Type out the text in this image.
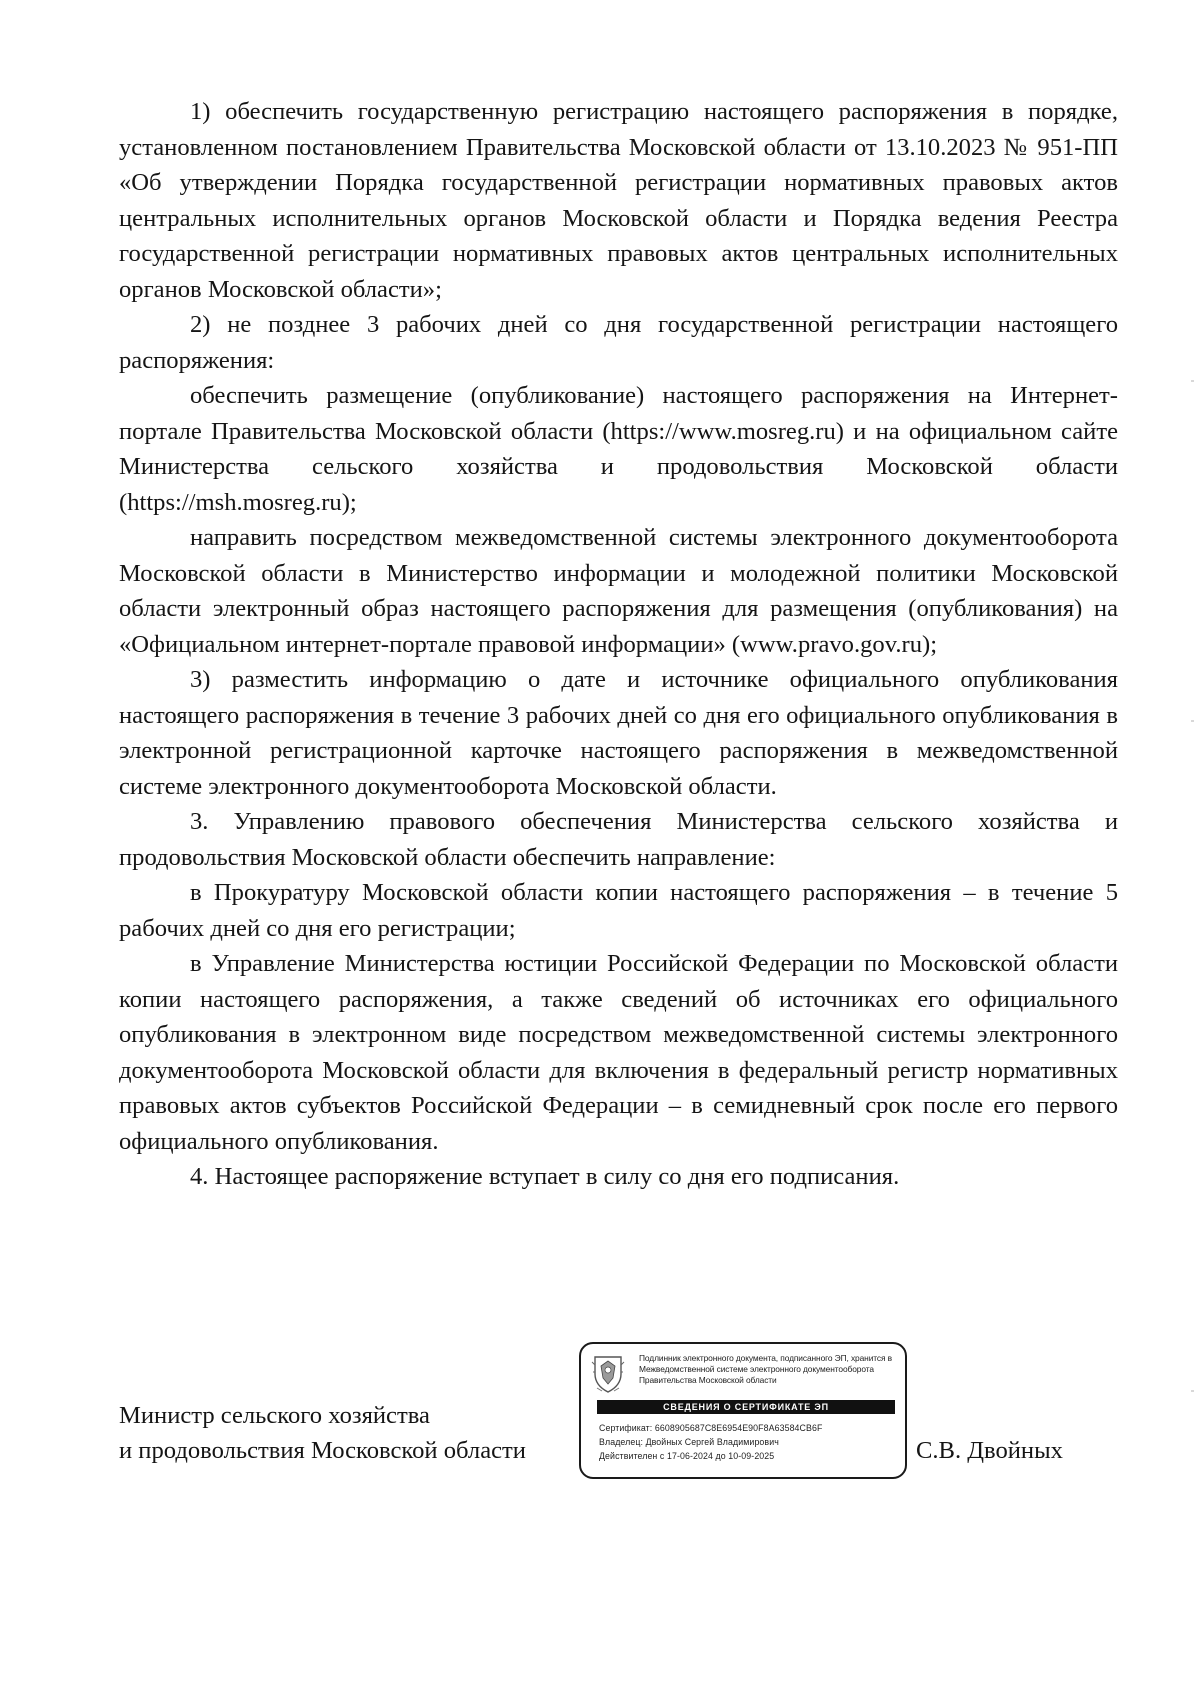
1) обеспечить государственную регистрацию настоящего распоряжения в порядке, установленном постановлением Правительства Московской области от 13.10.2023 № 951-ПП «Об утверждении Порядка государственной регистрации нормативных правовых актов центральных исполнительных органов Московской области и Порядка ведения Реестра государственной регистрации нормативных правовых актов центральных исполнительных органов Московской области»;

2) не позднее 3 рабочих дней со дня государственной регистрации настоящего распоряжения:

обеспечить размещение (опубликование) настоящего распоряжения на Интернет-портале Правительства Московской области (https://www.mosreg.ru) и на официальном сайте Министерства сельского хозяйства и продовольствия Московской области (https://msh.mosreg.ru);

направить посредством межведомственной системы электронного документооборота Московской области в Министерство информации и молодежной политики Московской области электронный образ настоящего распоряжения для размещения (опубликования) на «Официальном интернет-портале правовой информации» (www.pravo.gov.ru);

3) разместить информацию о дате и источнике официального опубликования настоящего распоряжения в течение 3 рабочих дней со дня его официального опубликования в электронной регистрационной карточке настоящего распоряжения в межведомственной системе электронного документооборота Московской области.

3. Управлению правового обеспечения Министерства сельского хозяйства и продовольствия Московской области обеспечить направление:

в Прокуратуру Московской области копии настоящего распоряжения – в течение 5 рабочих дней со дня его регистрации;

в Управление Министерства юстиции Российской Федерации по Московской области копии настоящего распоряжения, а также сведений об источниках его официального опубликования в электронном виде посредством межведомственной системы электронного документооборота Московской области для включения в федеральный регистр нормативных правовых актов субъектов Российской Федерации – в семидневный срок после его первого официального опубликования.

4. Настоящее распоряжение вступает в силу со дня его подписания.

Министр сельского хозяйства
и продовольствия Московской области
Подлинник электронного документа, подписанного ЭП, хранится в Межведомственной системе электронного документооборота Правительства Московской области
СВЕДЕНИЯ О СЕРТИФИКАТЕ ЭП
Сертификат: 6608905687C8E6954E90F8A63584CB6F
Владелец: Двойных Сергей Владимирович
Действителен с 17-06-2024 до 10-09-2025	С.В. Двойных
